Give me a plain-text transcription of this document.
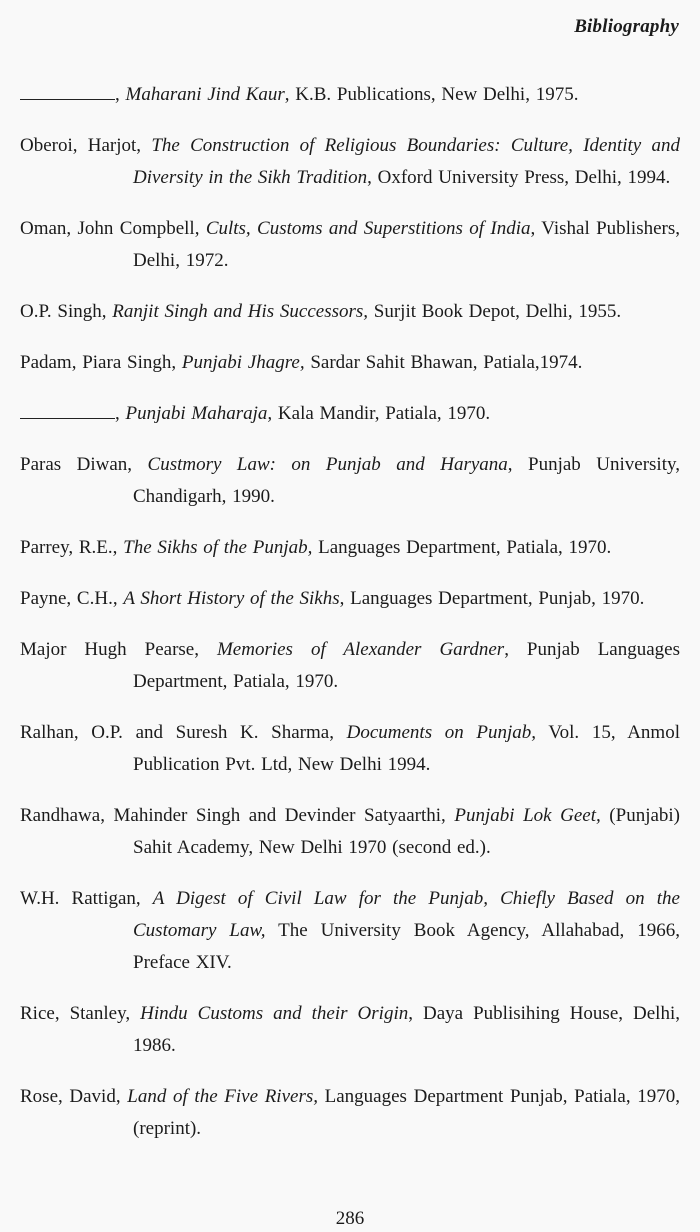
Bibliography

, Maharani Jind Kaur, K.B. Publications, New Delhi, 1975.

Oberoi, Harjot, The Construction of Religious Boundaries: Culture, Identity and Diversity in the Sikh Tradition, Oxford University Press, Delhi, 1994.

Oman, John Compbell, Cults, Customs and Superstitions of India, Vishal Publishers, Delhi, 1972.

O.P. Singh, Ranjit Singh and His Successors, Surjit Book Depot, Delhi, 1955.

Padam, Piara Singh, Punjabi Jhagre, Sardar Sahit Bhawan, Patiala,1974.

, Punjabi Maharaja, Kala Mandir, Patiala, 1970.

Paras Diwan, Custmory Law: on Punjab and Haryana, Punjab University, Chandigarh, 1990.

Parrey, R.E., The Sikhs of the Punjab, Languages Department, Patiala, 1970.

Payne, C.H., A Short History of the Sikhs, Languages Department, Punjab, 1970.

Major Hugh Pearse, Memories of Alexander Gardner, Punjab Languages Department, Patiala, 1970.

Ralhan, O.P. and Suresh K. Sharma, Documents on Punjab, Vol. 15, Anmol Publication Pvt. Ltd, New Delhi 1994.

Randhawa, Mahinder Singh and Devinder Satyaarthi, Punjabi Lok Geet, (Punjabi) Sahit Academy, New Delhi 1970 (second ed.).

W.H. Rattigan, A Digest of Civil Law for the Punjab, Chiefly Based on the Customary Law, The University Book Agency, Allahabad, 1966, Preface XIV.

Rice, Stanley, Hindu Customs and their Origin, Daya Publisihing House, Delhi, 1986.

Rose, David, Land of the Five Rivers, Languages Department Punjab, Patiala, 1970, (reprint).

286
